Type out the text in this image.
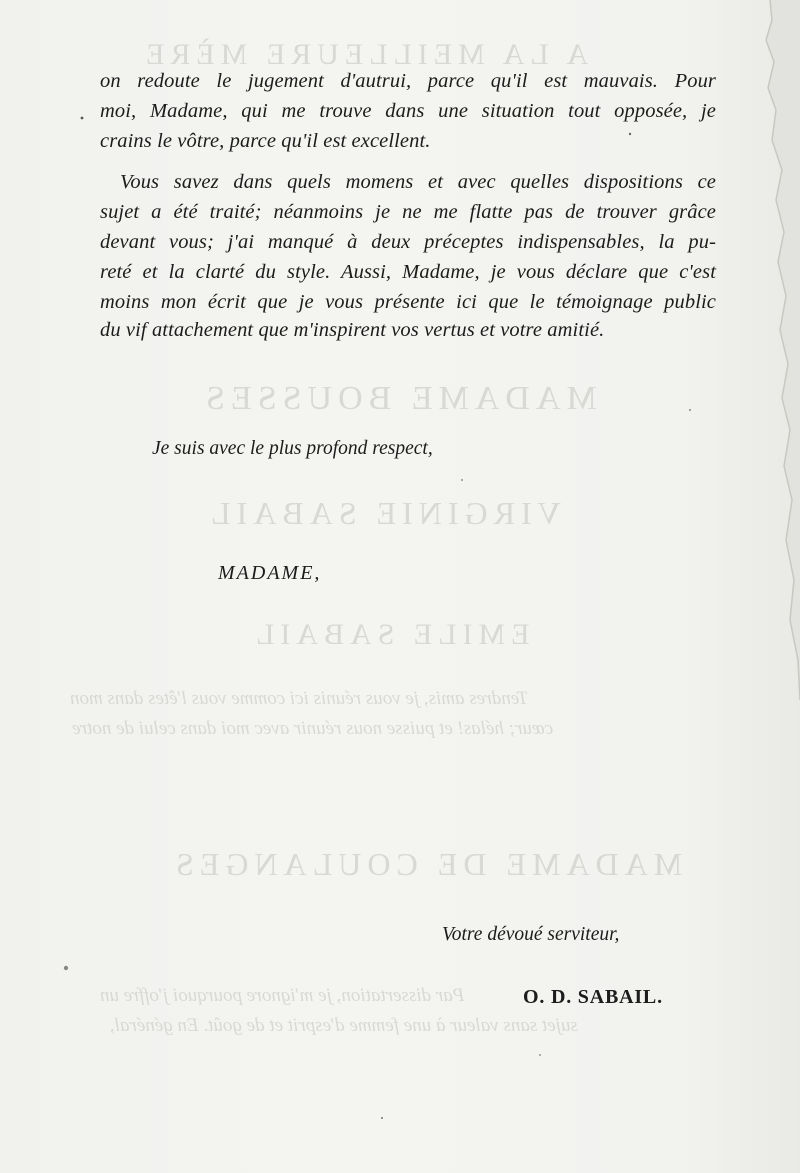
A LA MEILLEURE MÈRE
MADAME BOUSSES
VIRGINIE SABAIL
EMILE SABAIL
Tendres amis, je vous réunis ici comme vous l'êtes dans mon
cœur; hélas! et puisse nous réunir avec moi dans celui de notre
MADAME DE COULANGES
Par dissertation, je m'ignore pourquoi j'offre un
sujet sans valeur à une femme d'esprit et de goût. En général,
on redoute le jugement d'autrui, parce qu'il est mauvais. Pour
moi, Madame, qui me trouve dans une situation tout opposée, je
crains le vôtre, parce qu'il est excellent.
Vous savez dans quels momens et avec quelles dispositions ce
sujet a été traité; néanmoins je ne me flatte pas de trouver grâce
devant vous; j'ai manqué à deux préceptes indispensables, la pu-
reté et la clarté du style. Aussi, Madame, je vous déclare que c'est
moins mon écrit que je vous présente ici que le témoignage public
du vif attachement que m'inspirent vos vertus et votre amitié.
Je suis avec le plus profond respect,
MADAME,
Votre dévoué serviteur,
O. D. SABAIL.
